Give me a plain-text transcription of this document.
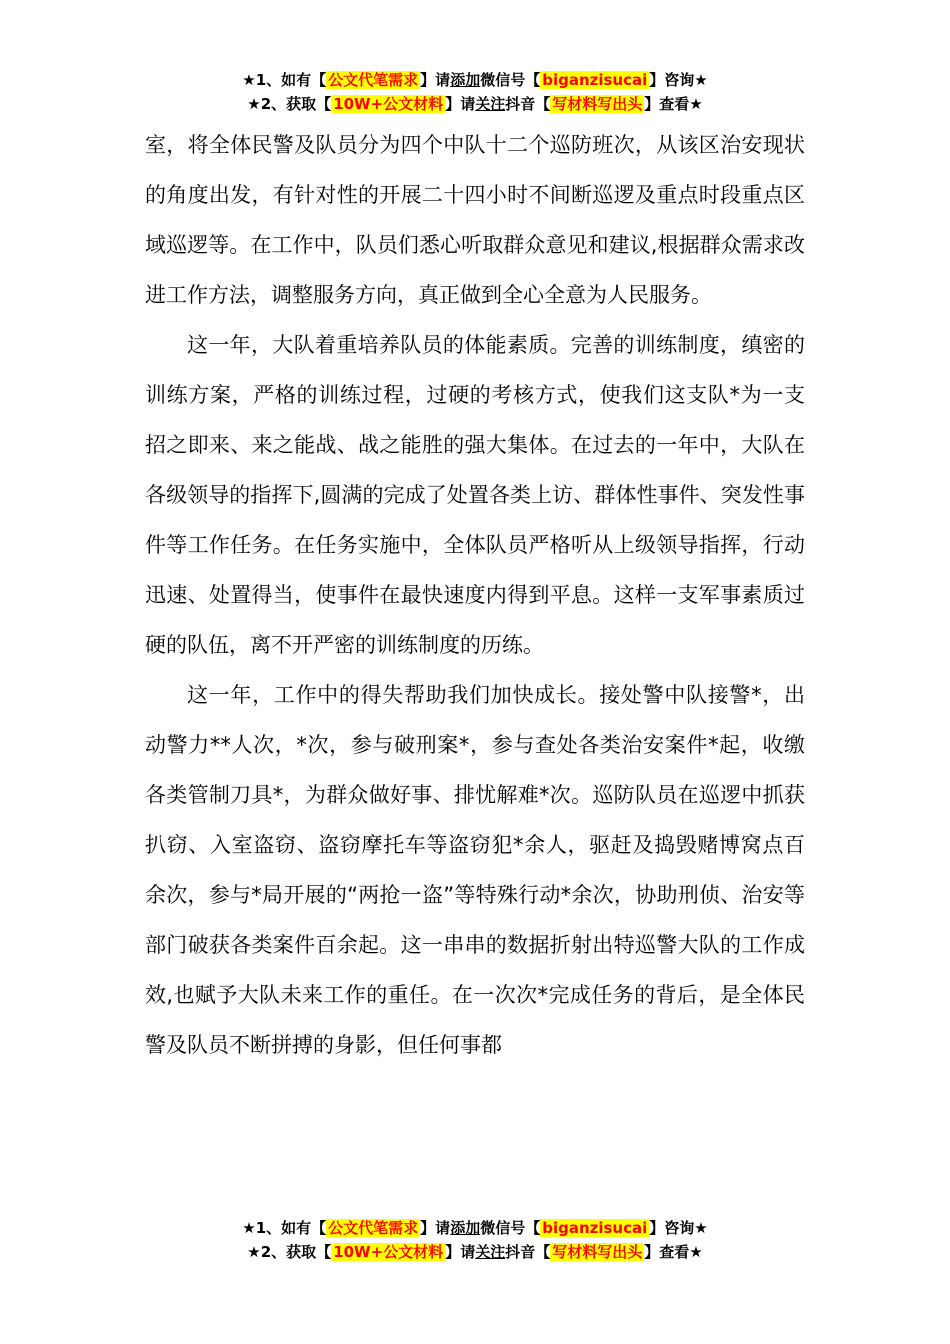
★1、如有【 公文代笔需求 】请添加微信号【 biganzisucai 】咨询★
★2、获取【 10W+公文材料 】请关注抖音【 写材料写出头 】查看★

室，将全体民警及队员分为四个中队十二个巡防班次，从该区治安现状的角度出发，有针对性的开展二十四小时不间断巡逻及重点时段重点区域巡逻等。在工作中，队员们悉心听取群众意见和建议,根据群众需求改进工作方法，调整服务方向，真正做到全心全意为人民服务。

这一年，大队着重培养队员的体能素质。完善的训练制度，缜密的训练方案，严格的训练过程，过硬的考核方式，使我们这支队*为一支招之即来、来之能战、战之能胜的强大集体。在过去的一年中，大队在各级领导的指挥下,圆满的完成了处置各类上访、群体性事件、突发性事件等工作任务。在任务实施中，全体队员严格听从上级领导指挥，行动迅速、处置得当，使事件在最快速度内得到平息。这样一支军事素质过硬的队伍，离不开严密的训练制度的历练。

这一年，工作中的得失帮助我们加快成长。接处警中队接警*，出动警力**人次，*次，参与破刑案*，参与查处各类治安案件*起，收缴各类管制刀具*，为群众做好事、排忧解难*次。巡防队员在巡逻中抓获扒窃、入室盗窃、盗窃摩托车等盗窃犯*余人，驱赶及捣毁赌博窝点百余次，参与*局开展的“两抢一盗”等特殊行动*余次，协助刑侦、治安等部门破获各类案件百余起。这一串串的数据折射出特巡警大队的工作成效,也赋予大队未来工作的重任。在一次次*完成任务的背后，是全体民警及队员不断拼搏的身影，但任何事都

★1、如有【 公文代笔需求 】请添加微信号【 biganzisucai 】咨询★
★2、获取【 10W+公文材料 】请关注抖音【 写材料写出头 】查看★
